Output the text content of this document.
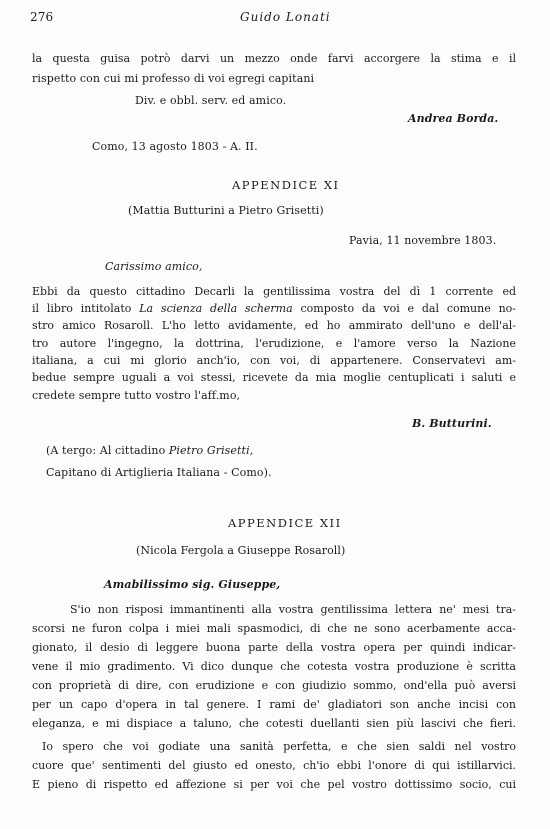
276	Guido Lonati
la questa guisa potrò darvi un mezzo onde farvi accorgere la stima e il
rispetto con cui mi professo di voi egregi capitani
Div. e obbl. serv. ed amico.
Andrea Borda.
Como, 13 agosto 1803 - A. II.
APPENDICE XI
(Mattia Butturini a Pietro Grisetti)
Pavia, 11 novembre 1803.
Carissimo amico,
Ebbi da questo cittadino Decarli la gentilissima vostra del dì 1 corrente ed
il libro intitolato La scienza della scherma composto da voi e dal comune no-
stro amico Rosaroll. L'ho letto avidamente, ed ho ammirato dell'uno e dell'al-
tro autore l'ingegno, la dottrina, l'erudizione, e l'amore verso la Nazione
italiana, a cui mi glorio anch'io, con voi, di appartenere. Conservatevi am-
bedue sempre uguali a voi stessi, ricevete da mia moglie centuplicati i saluti e
credete sempre tutto vostro l'aff.mo,
B. Butturini.
(A tergo: Al cittadino Pietro Grisetti,
Capitano di Artiglieria Italiana - Como).
APPENDICE XII
(Nicola Fergola a Giuseppe Rosaroll)
Amabilissimo sig. Giuseppe,
S'io non risposi immantinenti alla vostra gentilissima lettera ne' mesi tra-
scorsi ne furon colpa i miei mali spasmodici, di che ne sono acerbamente acca-
gionato, il desio di leggere buona parte della vostra opera per quindi indicar-
vene il mio gradimento. Vi dico dunque che cotesta vostra produzione è scritta
con proprietà di dire, con erudizione e con giudizio sommo, ond'ella può aversi
per un capo d'opera in tal genere. I rami de' gladiatori son anche incisi con
eleganza, e mi dispiace a taluno, che cotesti duellanti sien più lascivi che fieri.
Io spero che voi godiate una sanità perfetta, e che sien saldi nel vostro
cuore que' sentimenti del giusto ed onesto, ch'io ebbi l'onore di qui istillarvici.
E pieno di rispetto ed affezione si per voi che pel vostro dottissimo socio, cui
